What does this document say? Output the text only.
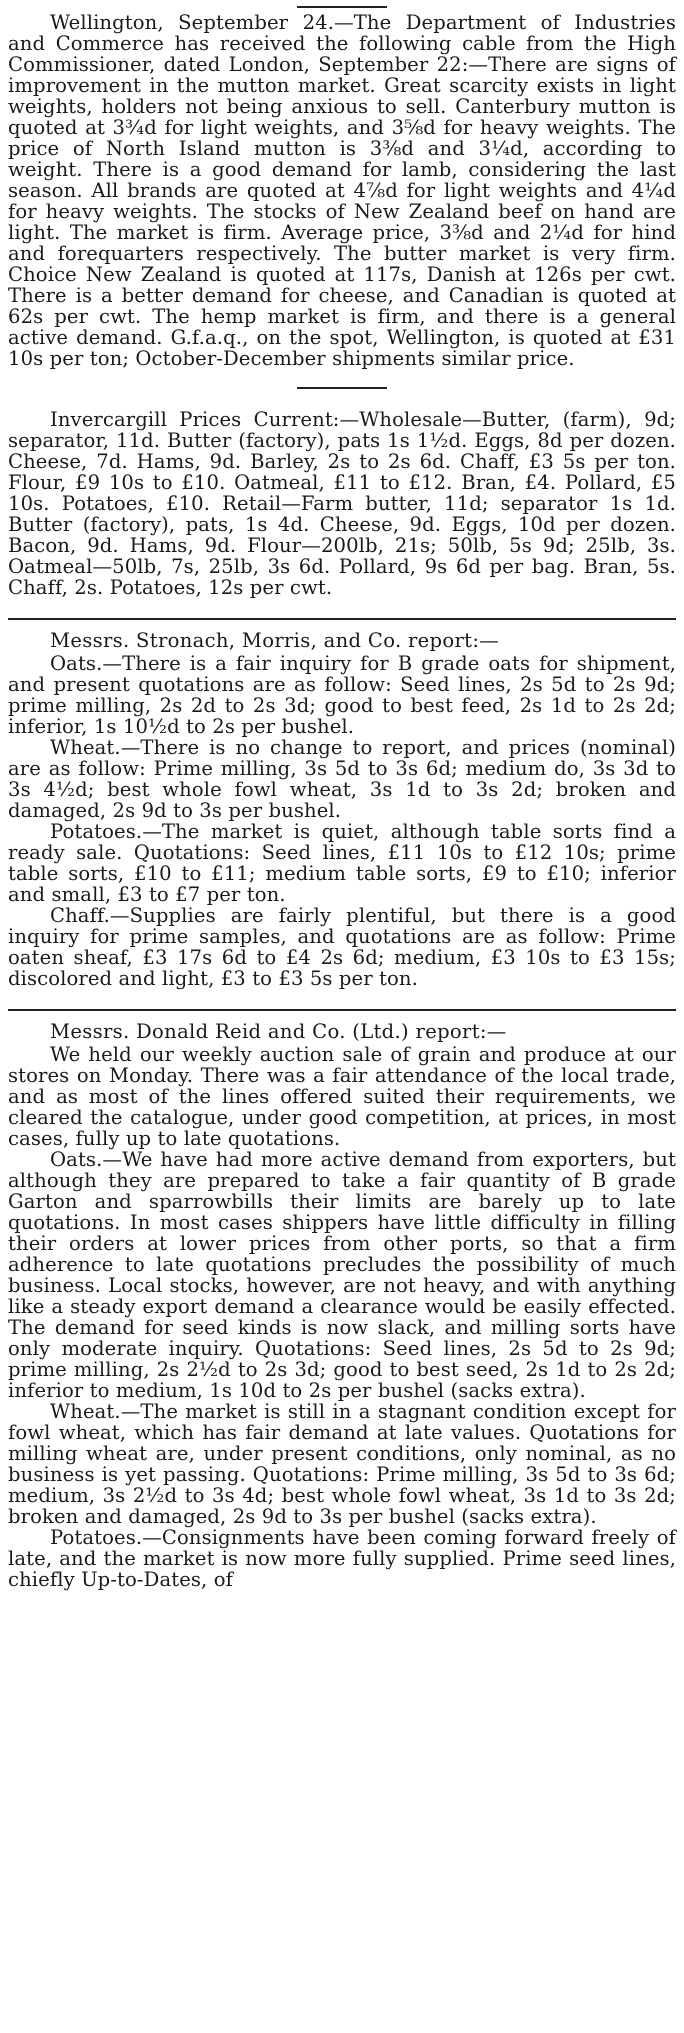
Wellington, September 24.—The Department of Industries and Commerce has received the following cable from the High Commissioner, dated London, September 22:—There are signs of improvement in the mutton market. Great scarcity exists in light weights, holders not being anxious to sell. Canterbury mutton is quoted at 3¾d for light weights, and 3⅝d for heavy weights. The price of North Island mutton is 3⅜d and 3¼d, according to weight. There is a good demand for lamb, considering the last season. All brands are quoted at 4⅞d for light weights and 4¼d for heavy weights. The stocks of New Zealand beef on hand are light. The market is firm. Average price, 3⅜d and 2¼d for hind and forequarters respectively. The butter market is very firm. Choice New Zealand is quoted at 117s, Danish at 126s per cwt. There is a better demand for cheese, and Canadian is quoted at 62s per cwt. The hemp market is firm, and there is a general active demand. G.f.a.q., on the spot, Wellington, is quoted at £31 10s per ton; October-December shipments similar price.

Invercargill Prices Current:—Wholesale—Butter, (farm), 9d; separator, 11d. Butter (factory), pats 1s 1½d. Eggs, 8d per dozen. Cheese, 7d. Hams, 9d. Barley, 2s to 2s 6d. Chaff, £3 5s per ton. Flour, £9 10s to £10. Oatmeal, £11 to £12. Bran, £4. Pollard, £5 10s. Potatoes, £10. Retail—Farm butter, 11d; separator 1s 1d. Butter (factory), pats, 1s 4d. Cheese, 9d. Eggs, 10d per dozen. Bacon, 9d. Hams, 9d. Flour—200lb, 21s; 50lb, 5s 9d; 25lb, 3s. Oatmeal—50lb, 7s, 25lb, 3s 6d. Pollard, 9s 6d per bag. Bran, 5s. Chaff, 2s. Potatoes, 12s per cwt.

Messrs. Stronach, Morris, and Co. report:—

Oats.—There is a fair inquiry for B grade oats for shipment, and present quotations are as follow: Seed lines, 2s 5d to 2s 9d; prime milling, 2s 2d to 2s 3d; good to best feed, 2s 1d to 2s 2d; inferior, 1s 10½d to 2s per bushel.

Wheat.—There is no change to report, and prices (nominal) are as follow: Prime milling, 3s 5d to 3s 6d; medium do, 3s 3d to 3s 4½d; best whole fowl wheat, 3s 1d to 3s 2d; broken and damaged, 2s 9d to 3s per bushel.

Potatoes.—The market is quiet, although table sorts find a ready sale. Quotations: Seed lines, £11 10s to £12 10s; prime table sorts, £10 to £11; medium table sorts, £9 to £10; inferior and small, £3 to £7 per ton.

Chaff.—Supplies are fairly plentiful, but there is a good inquiry for prime samples, and quotations are as follow: Prime oaten sheaf, £3 17s 6d to £4 2s 6d; medium, £3 10s to £3 15s; discolored and light, £3 to £3 5s per ton.

Messrs. Donald Reid and Co. (Ltd.) report:—

We held our weekly auction sale of grain and produce at our stores on Monday. There was a fair attendance of the local trade, and as most of the lines offered suited their requirements, we cleared the catalogue, under good competition, at prices, in most cases, fully up to late quotations.

Oats.—We have had more active demand from exporters, but although they are prepared to take a fair quantity of B grade Garton and sparrowbills their limits are barely up to late quotations. In most cases shippers have little difficulty in filling their orders at lower prices from other ports, so that a firm adherence to late quotations precludes the possibility of much business. Local stocks, however, are not heavy, and with anything like a steady export demand a clearance would be easily effected. The demand for seed kinds is now slack, and milling sorts have only moderate inquiry. Quotations: Seed lines, 2s 5d to 2s 9d; prime milling, 2s 2½d to 2s 3d; good to best seed, 2s 1d to 2s 2d; inferior to medium, 1s 10d to 2s per bushel (sacks extra).

Wheat.—The market is still in a stagnant condition except for fowl wheat, which has fair demand at late values. Quotations for milling wheat are, under present conditions, only nominal, as no business is yet passing. Quotations: Prime milling, 3s 5d to 3s 6d; medium, 3s 2½d to 3s 4d; best whole fowl wheat, 3s 1d to 3s 2d; broken and damaged, 2s 9d to 3s per bushel (sacks extra).

Potatoes.—Consignments have been coming forward freely of late, and the market is now more fully supplied. Prime seed lines, chiefly Up-to-Dates, of
